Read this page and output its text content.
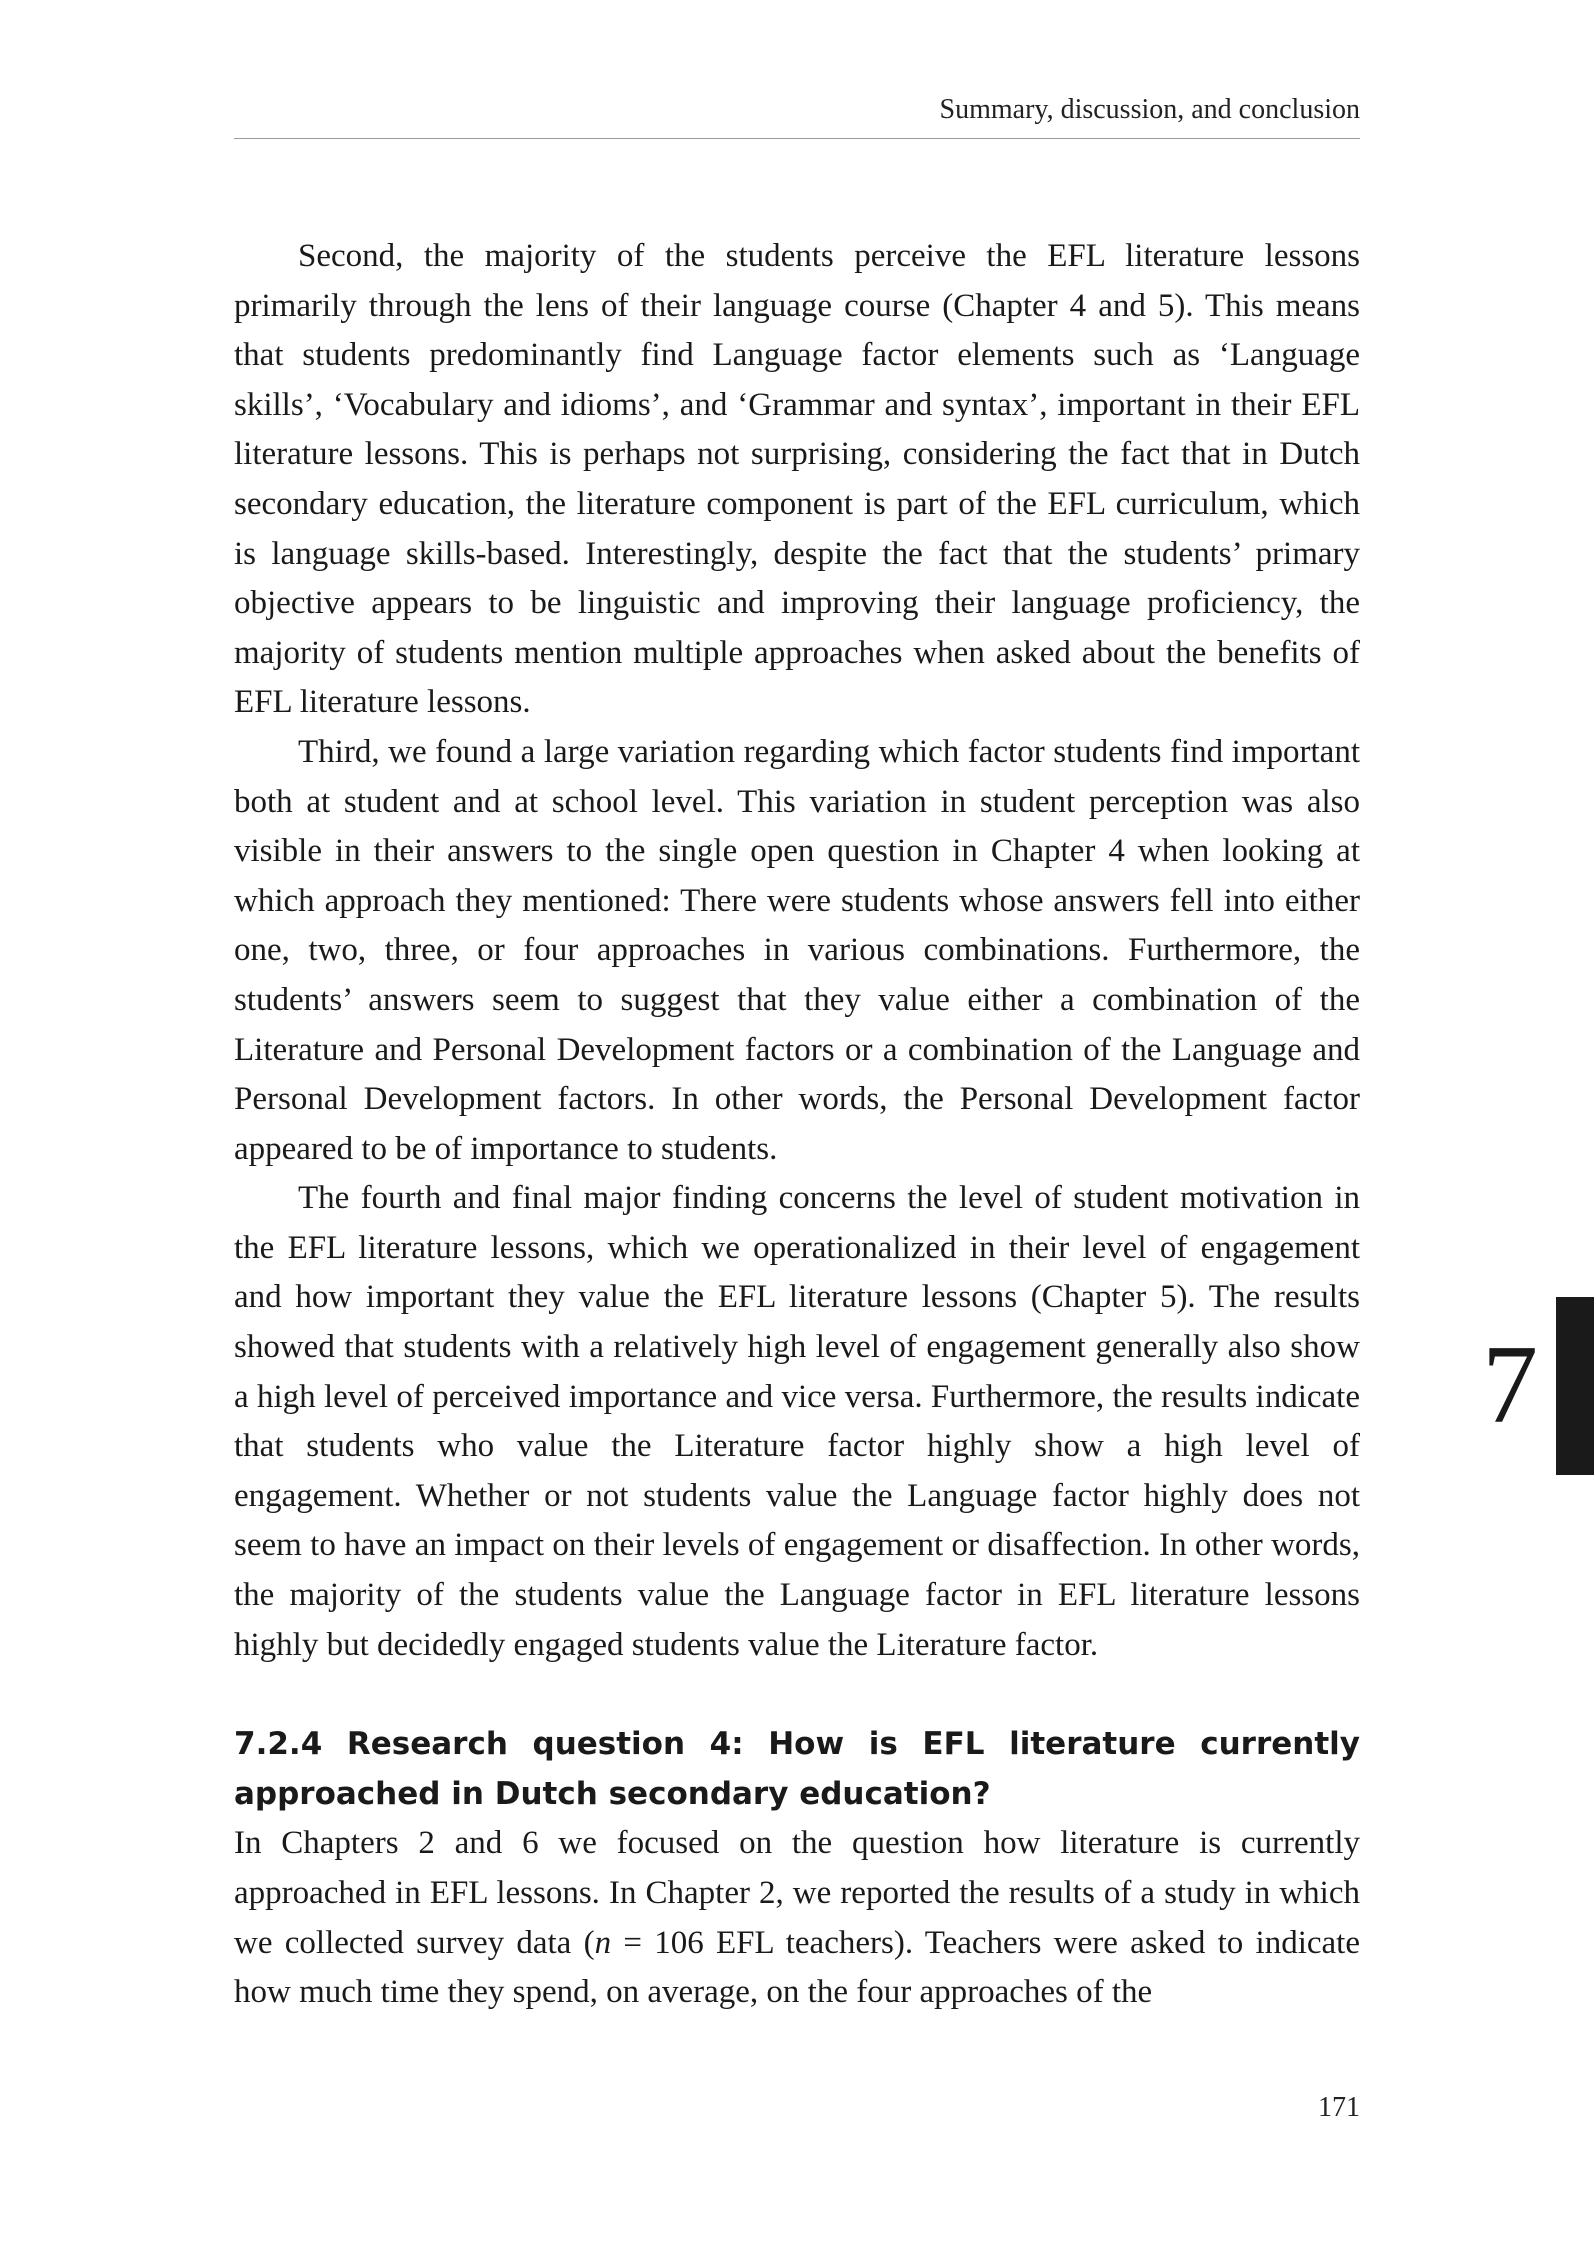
Summary, discussion, and conclusion

Second, the majority of the students perceive the EFL literature lessons primarily through the lens of their language course (Chapter 4 and 5). This means that students predominantly find Language factor elements such as ‘Language skills’, ‘Vocabulary and idioms’, and ‘Grammar and syntax’, important in their EFL literature lessons. This is perhaps not surprising, considering the fact that in Dutch secondary education, the literature component is part of the EFL curriculum, which is language skills-based. Interestingly, despite the fact that the students’ primary objective appears to be linguistic and improving their language proficiency, the majority of students mention multiple approaches when asked about the benefits of EFL literature lessons.

Third, we found a large variation regarding which factor students find important both at student and at school level. This variation in student perception was also visible in their answers to the single open question in Chapter 4 when looking at which approach they mentioned: There were students whose answers fell into either one, two, three, or four approaches in various combinations. Furthermore, the students’ answers seem to suggest that they value either a combination of the Literature and Personal Development factors or a combination of the Language and Personal Development factors. In other words, the Personal Development factor appeared to be of importance to students.

The fourth and final major finding concerns the level of student motivation in the EFL literature lessons, which we operationalized in their level of engagement and how important they value the EFL literature lessons (Chapter 5). The results showed that students with a relatively high level of engagement generally also show a high level of perceived importance and vice versa. Furthermore, the results indicate that students who value the Literature factor highly show a high level of engagement. Whether or not students value the Language factor highly does not seem to have an impact on their levels of engagement or disaffection. In other words, the majority of the students value the Language factor in EFL literature lessons highly but decidedly engaged students value the Literature factor.

7.2.4 Research question 4: How is EFL literature currently approached in Dutch secondary education?

In Chapters 2 and 6 we focused on the question how literature is currently approached in EFL lessons. In Chapter 2, we reported the results of a study in which we collected survey data (n = 106 EFL teachers). Teachers were asked to indicate how much time they spend, on average, on the four approaches of the

7
171
